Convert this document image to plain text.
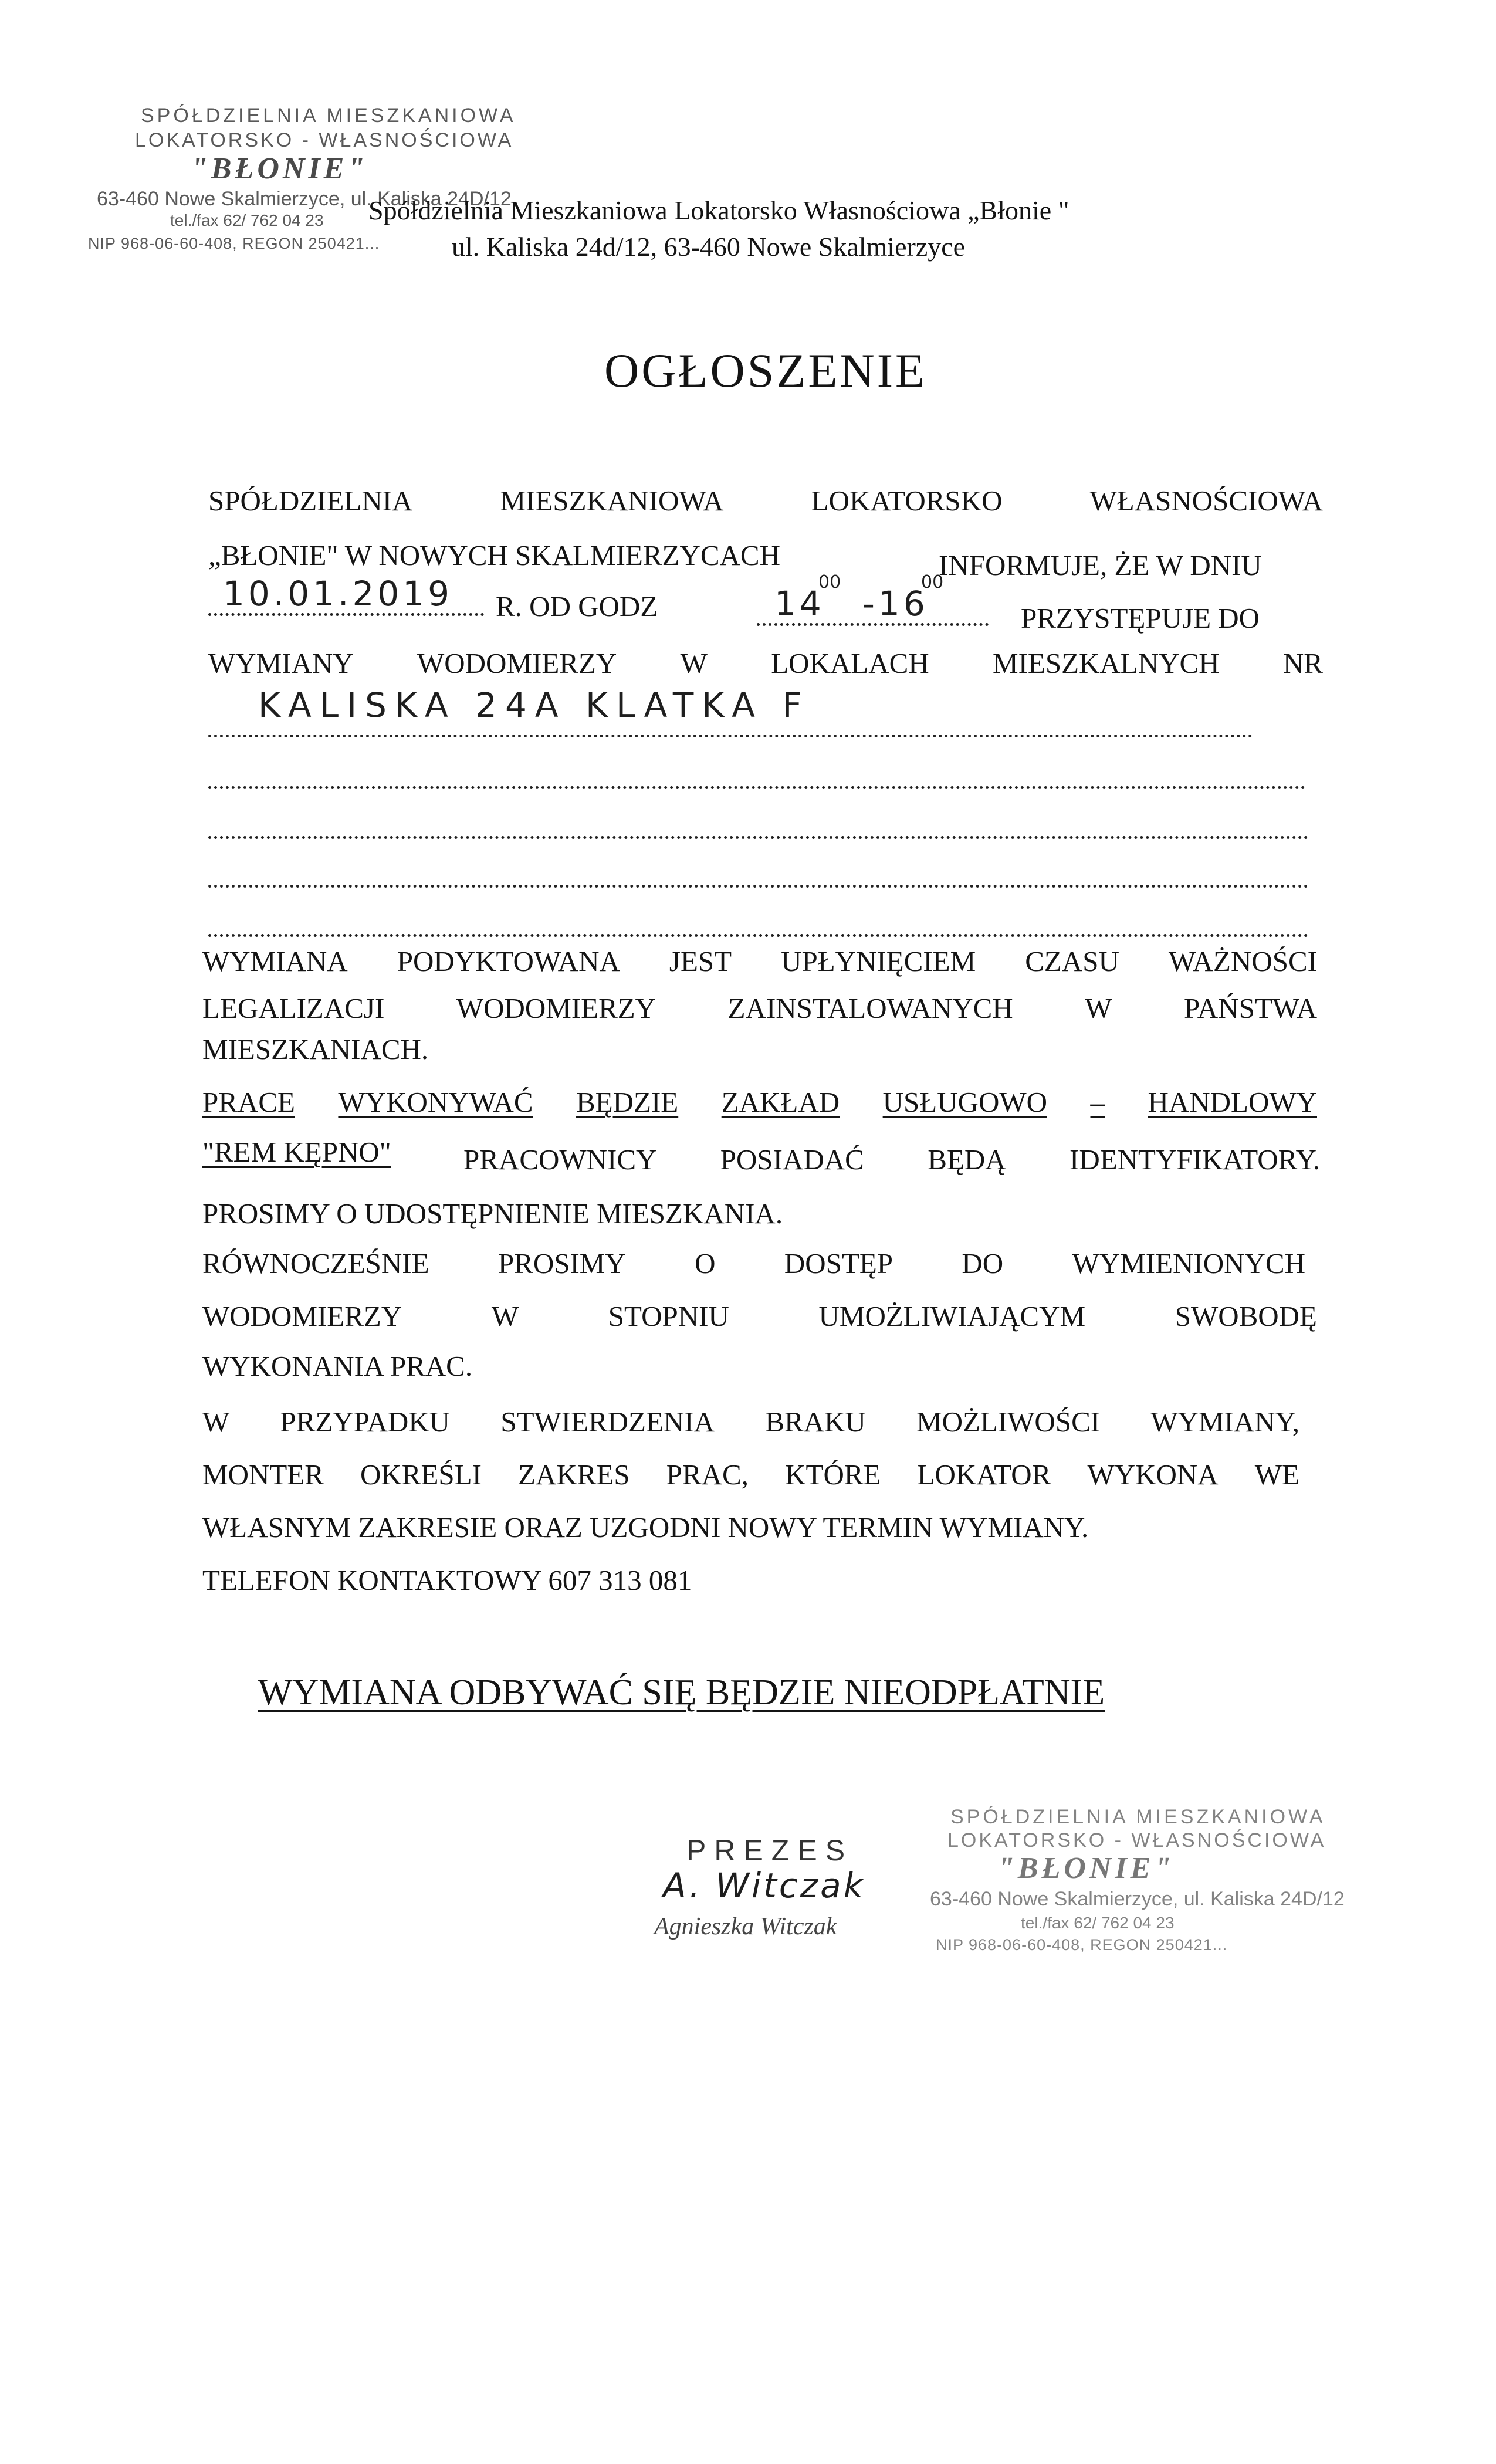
SPÓŁDZIELNIA MIESZKANIOWA
LOKATORSKO - WŁASNOŚCIOWA
"BŁONIE"
63-460 Nowe Skalmierzyce, ul. Kaliska 24D/12
tel./fax 62/ 762 04 23
NIP 968-06-60-408, REGON 250421...
Spółdzielnia Mieszkaniowa Lokatorsko Własnościowa „Błonie "
ul. Kaliska 24d/12, 63-460 Nowe Skalmierzyce
OGŁOSZENIE
SPÓŁDZIELNIA	MIESZKANIOWA	LOKATORSKO	WŁASNOŚCIOWA
„BŁONIE" W NOWYCH SKALMIERZYCACH	INFORMUJE, ŻE W DNIU
10.01.2019 R. OD GODZ	14
00
-16
00
PRZYSTĘPUJE DO
WYMIANY WODOMIERZY W LOKALACH MIESZKALNYCH NR
KALISKA 24A KLATKA F
WYMIANA PODYKTOWANA JEST UPŁYNIĘCIEM CZASU WAŻNOŚCI
LEGALIZACJI	WODOMIERZY	ZAINSTALOWANYCH	W	PAŃSTWA
MIESZKANIACH.
PRACE WYKONYWAĆ BĘDZIE ZAKŁAD USŁUGOWO – HANDLOWY
"REM KĘPNO"	PRACOWNICY POSIADAĆ BĘDĄ IDENTYFIKATORY.
PROSIMY O UDOSTĘPNIENIE MIESZKANIA.
RÓWNOCZEŚNIE PROSIMY O DOSTĘP DO WYMIENIONYCH
WODOMIERZY	W	STOPNIU	UMOŻLIWIAJĄCYM	SWOBODĘ
WYKONANIA PRAC.
W PRZYPADKU STWIERDZENIA BRAKU MOŻLIWOŚCI WYMIANY,
MONTER OKREŚLI ZAKRES PRAC, KTÓRE LOKATOR WYKONA WE
WŁASNYM ZAKRESIE ORAZ UZGODNI NOWY TERMIN WYMIANY.
TELEFON KONTAKTOWY 607 313 081
WYMIANA ODBYWAĆ SIĘ BĘDZIE NIEODPŁATNIE
PREZES
A. Witczak
Agnieszka Witczak
SPÓŁDZIELNIA MIESZKANIOWA
LOKATORSKO - WŁASNOŚCIOWA
"BŁONIE"
63-460 Nowe Skalmierzyce, ul. Kaliska 24D/12
tel./fax 62/ 762 04 23
NIP 968-06-60-408, REGON 250421...
